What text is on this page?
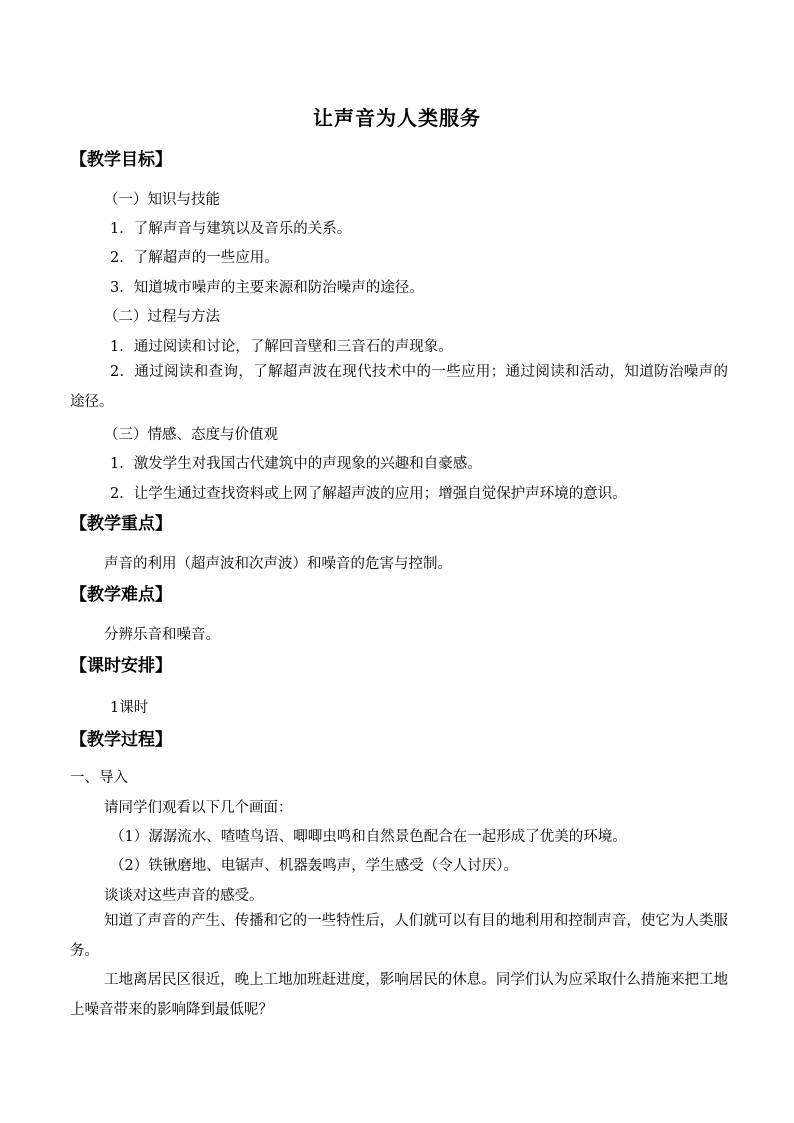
让声音为人类服务
【教学目标】
（一）知识与技能
1．了解声音与建筑以及音乐的关系。
2．了解超声的一些应用。
3．知道城市噪声的主要来源和防治噪声的途径。
（二）过程与方法
1．通过阅读和讨论，了解回音壁和三音石的声现象。
2．通过阅读和查询，了解超声波在现代技术中的一些应用；通过阅读和活动，知道防治噪声的途径。
（三）情感、态度与价值观
1．激发学生对我国古代建筑中的声现象的兴趣和自豪感。
2．让学生通过查找资料或上网了解超声波的应用；增强自觉保护声环境的意识。
【教学重点】
声音的利用（超声波和次声波）和噪音的危害与控制。
【教学难点】
分辨乐音和噪音。
【课时安排】
1课时
【教学过程】
一、导入
请同学们观看以下几个画面：
（1）潺潺流水、喳喳鸟语、唧唧虫鸣和自然景色配合在一起形成了优美的环境。
（2）铁锹磨地、电锯声、机器轰鸣声，学生感受（令人讨厌）。
谈谈对这些声音的感受。
知道了声音的产生、传播和它的一些特性后，人们就可以有目的地利用和控制声音，使它为人类服务。
工地离居民区很近，晚上工地加班赶进度，影响居民的休息。同学们认为应采取什么措施来把工地上噪音带来的影响降到最低呢？
